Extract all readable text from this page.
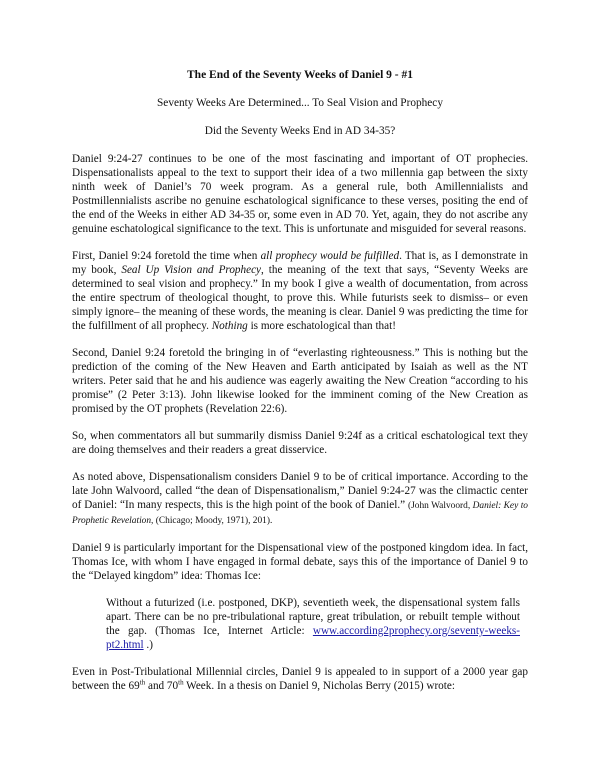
The End of the Seventy Weeks of Daniel 9 - #1
Seventy Weeks Are Determined... To Seal Vision and Prophecy
Did the Seventy Weeks End in AD 34-35?

Daniel 9:24-27 continues to be one of the most fascinating and important of OT prophecies. Dispensationalists appeal to the text to support their idea of a two millennia gap between the sixty ninth week of Daniel’s 70 week program. As a general rule, both Amillennialists and Postmillennialists ascribe no genuine eschatological significance to these verses, positing the end of the end of the Weeks in either AD 34-35 or, some even in AD 70. Yet, again, they do not ascribe any genuine eschatological significance to the text. This is unfortunate and misguided for several reasons.

First, Daniel 9:24 foretold the time when all prophecy would be fulfilled. That is, as I demonstrate in my book, Seal Up Vision and Prophecy, the meaning of the text that says, “Seventy Weeks are determined to seal vision and prophecy.” In my book I give a wealth of documentation, from across the entire spectrum of theological thought, to prove this. While futurists seek to dismiss– or even simply ignore– the meaning of these words, the meaning is clear. Daniel 9 was predicting the time for the fulfillment of all prophecy. Nothing is more eschatological than that!

Second, Daniel 9:24 foretold the bringing in of “everlasting righteousness.” This is nothing but the prediction of the coming of the New Heaven and Earth anticipated by Isaiah as well as the NT writers. Peter said that he and his audience was eagerly awaiting the New Creation “according to his promise” (2 Peter 3:13). John likewise looked for the imminent coming of the New Creation as promised by the OT prophets (Revelation 22:6).

So, when commentators all but summarily dismiss Daniel 9:24f as a critical eschatological text they are doing themselves and their readers a great disservice.

As noted above, Dispensationalism considers Daniel 9 to be of critical importance. According to the late John Walvoord, called “the dean of Dispensationalism,” Daniel 9:24-27 was the climactic center of Daniel: “In many respects, this is the high point of the book of Daniel.” (John Walvoord, Daniel: Key to Prophetic Revelation, (Chicago; Moody, 1971), 201).

Daniel 9 is particularly important for the Dispensational view of the postponed kingdom idea. In fact, Thomas Ice, with whom I have engaged in formal debate, says this of the importance of Daniel 9 to the “Delayed kingdom” idea: Thomas Ice:

Without a futurized (i.e. postponed, DKP), seventieth week, the dispensational system falls apart. There can be no pre-tribulational rapture, great tribulation, or rebuilt temple without the gap. (Thomas Ice, Internet Article: www.according2prophecy.org/seventy-weeks-pt2.html .)

Even in Post-Tribulational Millennial circles, Daniel 9 is appealed to in support of a 2000 year gap between the 69th and 70th Week. In a thesis on Daniel 9, Nicholas Berry (2015) wrote:
